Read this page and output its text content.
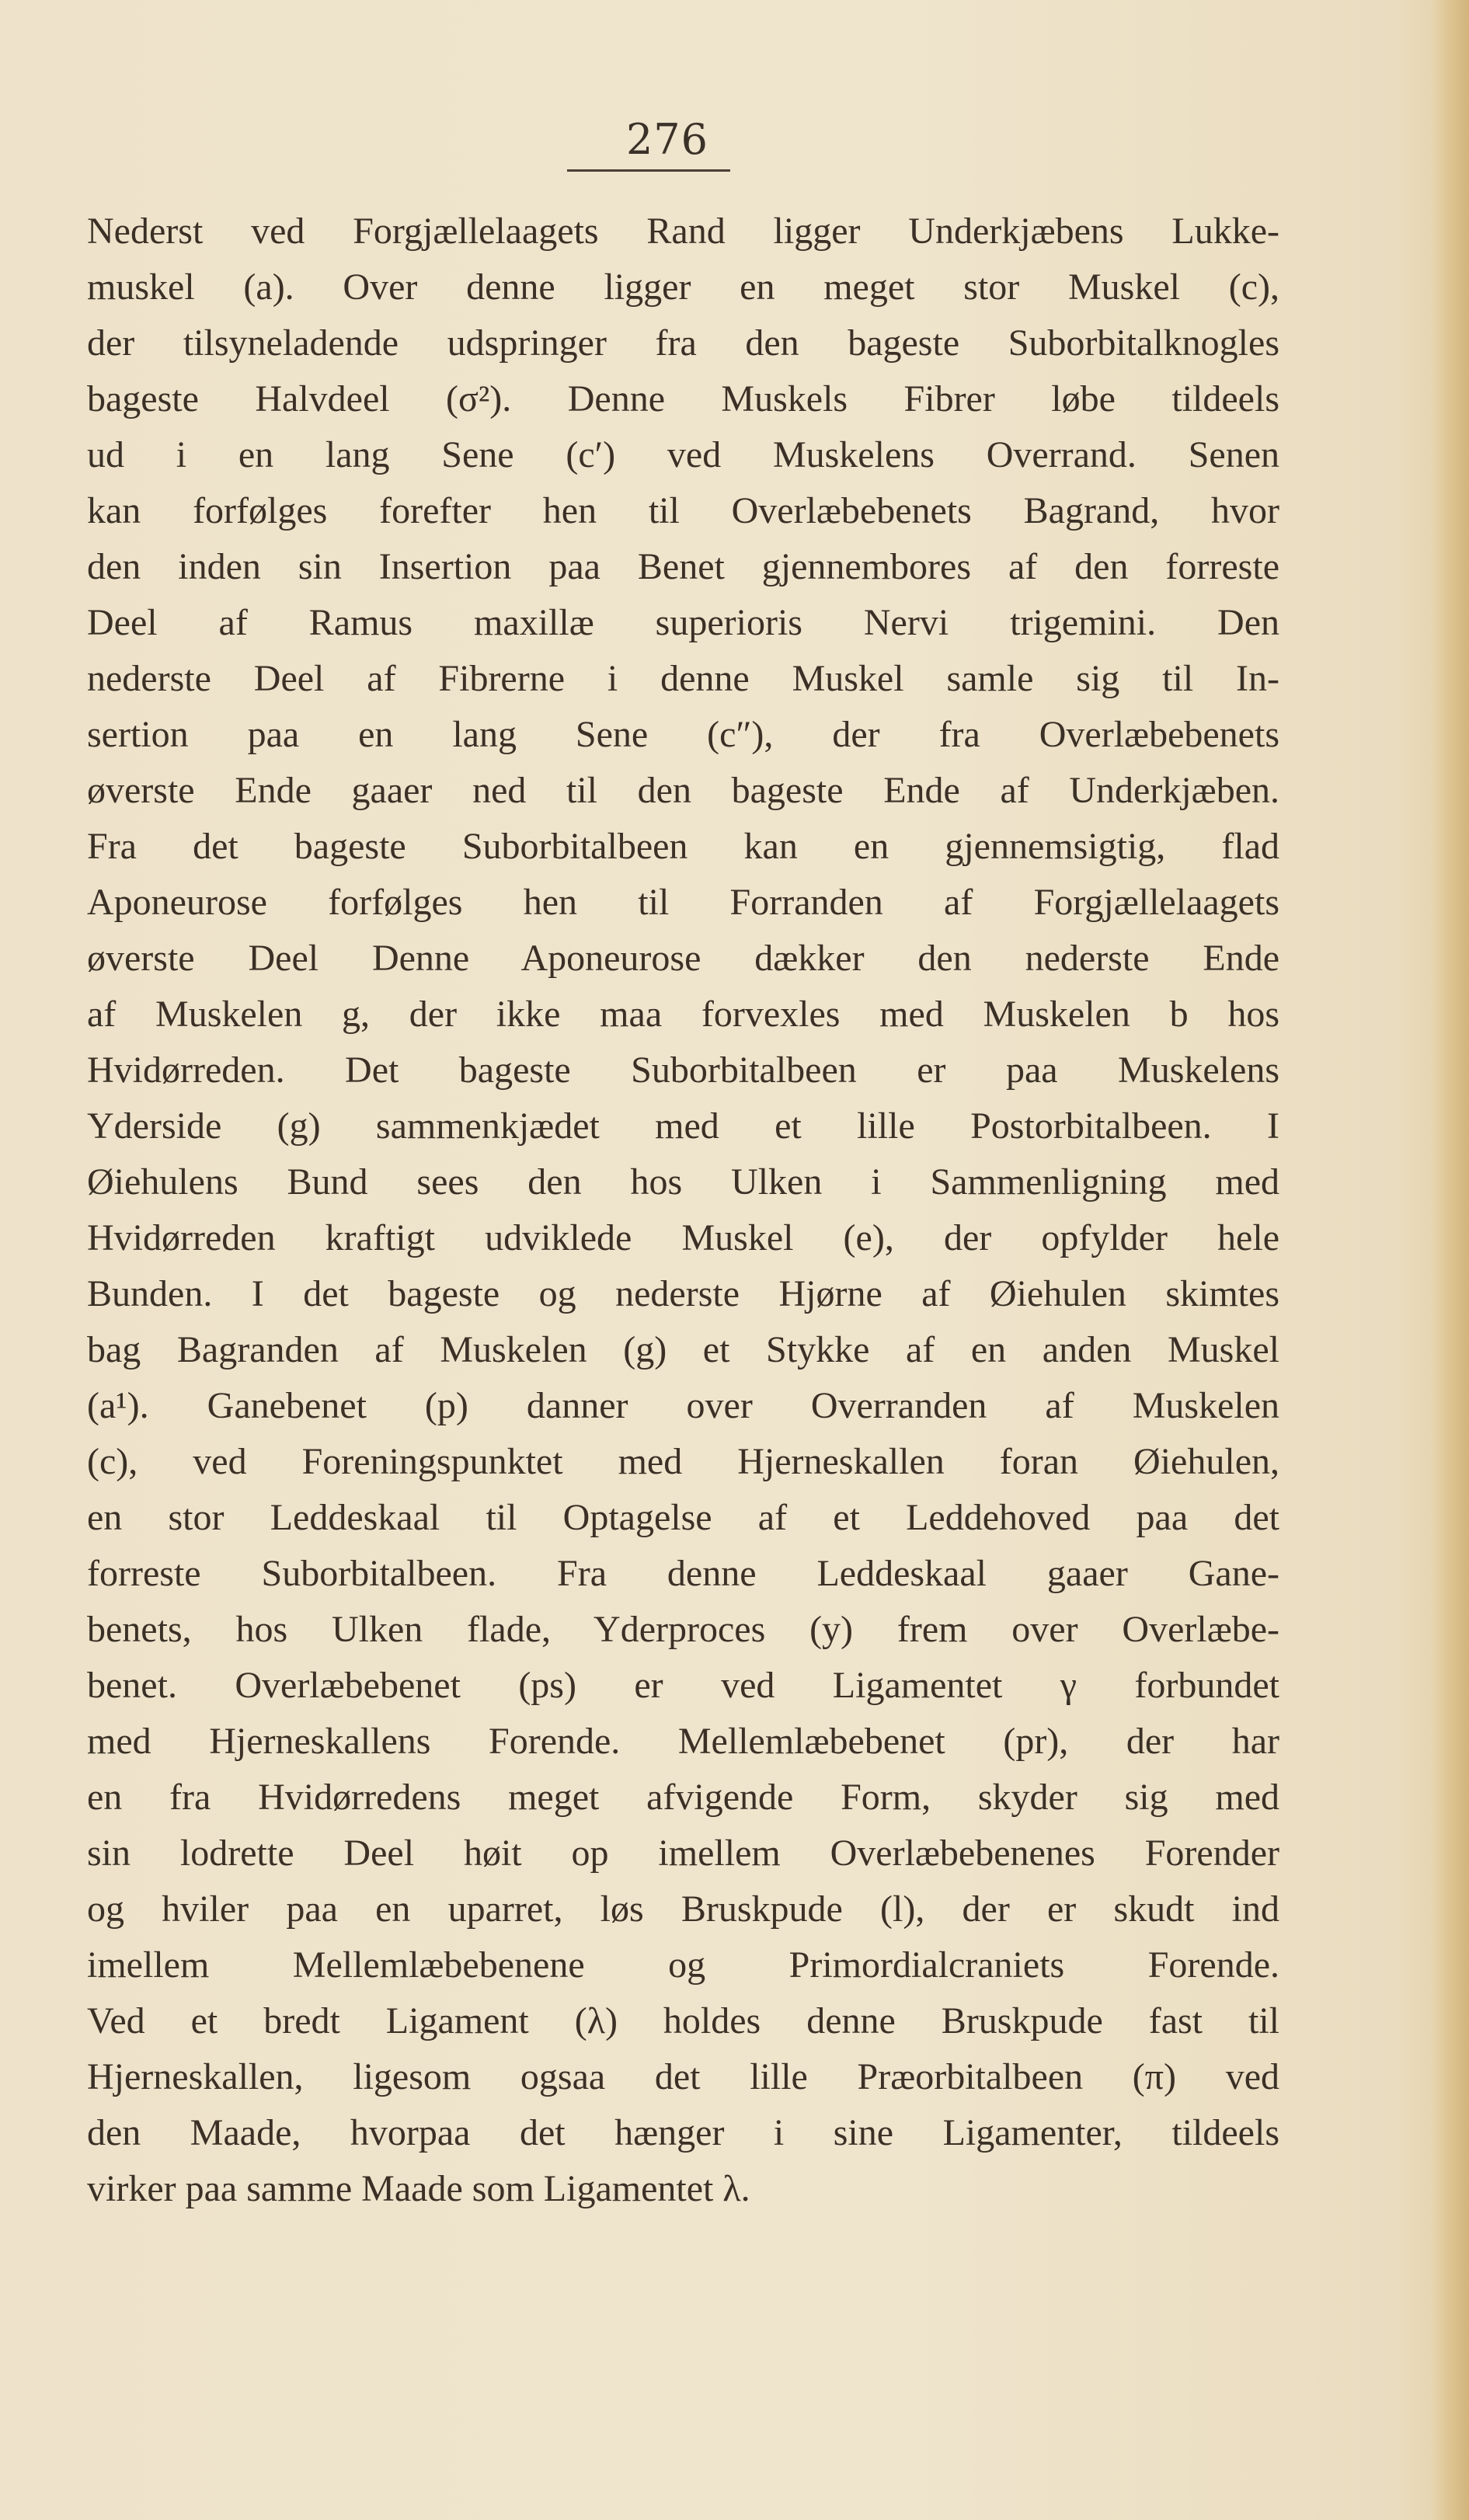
276
Nederst ved Forgjællelaagets Rand ligger Underkjæbens Lukke-
muskel (a). Over denne ligger en meget stor Muskel (c),
der tilsyneladende udspringer fra den bageste Suborbitalknogles
bageste Halvdeel (σ²). Denne Muskels Fibrer løbe tildeels
ud i en lang Sene (c′) ved Muskelens Overrand. Senen
kan forfølges forefter hen til Overlæbebenets Bagrand, hvor
den inden sin Insertion paa Benet gjennembores af den forreste
Deel af Ramus maxillæ superioris Nervi trigemini. Den
nederste Deel af Fibrerne i denne Muskel samle sig til In-
sertion paa en lang Sene (c″), der fra Overlæbebenets
øverste Ende gaaer ned til den bageste Ende af Underkjæben.
Fra det bageste Suborbitalbeen kan en gjennemsigtig, flad
Aponeurose forfølges hen til Forranden af Forgjællelaagets
øverste Deel Denne Aponeurose dækker den nederste Ende
af Muskelen g, der ikke maa forvexles med Muskelen b hos
Hvidørreden. Det bageste Suborbitalbeen er paa Muskelens
Yderside (g) sammenkjædet med et lille Postorbitalbeen. I
Øiehulens Bund sees den hos Ulken i Sammenligning med
Hvidørreden kraftigt udviklede Muskel (e), der opfylder hele
Bunden. I det bageste og nederste Hjørne af Øiehulen skimtes
bag Bagranden af Muskelen (g) et Stykke af en anden Muskel
(a¹). Ganebenet (p) danner over Overranden af Muskelen
(c), ved Foreningspunktet med Hjerneskallen foran Øiehulen,
en stor Leddeskaal til Optagelse af et Leddehoved paa det
forreste Suborbitalbeen. Fra denne Leddeskaal gaaer Gane-
benets, hos Ulken flade, Yderproces (y) frem over Overlæbe-
benet. Overlæbebenet (ps) er ved Ligamentet γ forbundet
med Hjerneskallens Forende. Mellemlæbebenet (pr), der har
en fra Hvidørredens meget afvigende Form, skyder sig med
sin lodrette Deel høit op imellem Overlæbebenenes Forender
og hviler paa en uparret, løs Bruskpude (l), der er skudt ind
imellem Mellemlæbebenene og Primordialcraniets Forende.
Ved et bredt Ligament (λ) holdes denne Bruskpude fast til
Hjerneskallen, ligesom ogsaa det lille Præorbitalbeen (π) ved
den Maade, hvorpaa det hænger i sine Ligamenter, tildeels
virker paa samme Maade som Ligamentet λ.
